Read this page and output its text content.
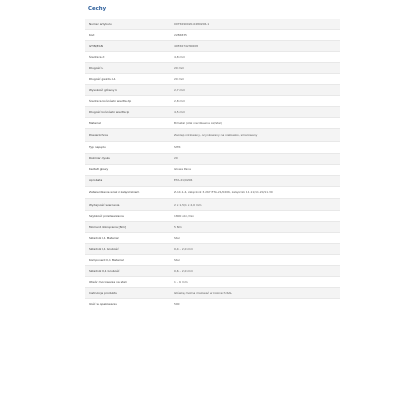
Cechy
Numer artykułu	0075690020-0480206-1
Kod	2286835
GTIN/EAN	4055674230608
Średnica d	4,8 mm
Długość L	20 mm
Długość gwintu L1	20 mm
Wysokość główny k	2,7 mm
Średnica końcówki wiertła dp	2,8 mm
Długość końcówki wiertła lp	4,5 mm
Materiał	Bimetal (stal nierdzewna A2/stal)
Powierzchnia	Zaczep niklowany, ocynkowany na niebiesko, smarowany
Typ napędu	SITR
Rozmiar dysku	20
Kształt głowy	Głowa Pana
Aprobata	ETA-21/0206
Zatwierdzenie wraz z załącznikiem	Z-14.1-4, załącznik 3.267 ETA-21/0206, załącznik 11.11/11.20/11.30
Wydajność wiercenia	2 x 1,5/1 x 2,0 mm
Szybkość przetwarzania	1800 obr./min
Moment dokręcania [Nm]	5 Nm
Składnik I,1 Materiał	Stal
Składnik I,1 Grubość	0,4 – 2,0 mm
Komponent II,1 Materiał	Stal
Składnik II,1 Grubość	0,6 – 2,0 mm
Otwór mocowania na stali	1 – 6 mm
Instrukcje produktu	Główkę można malować w kolorach RAL
Ilość w opakowaniu	500
